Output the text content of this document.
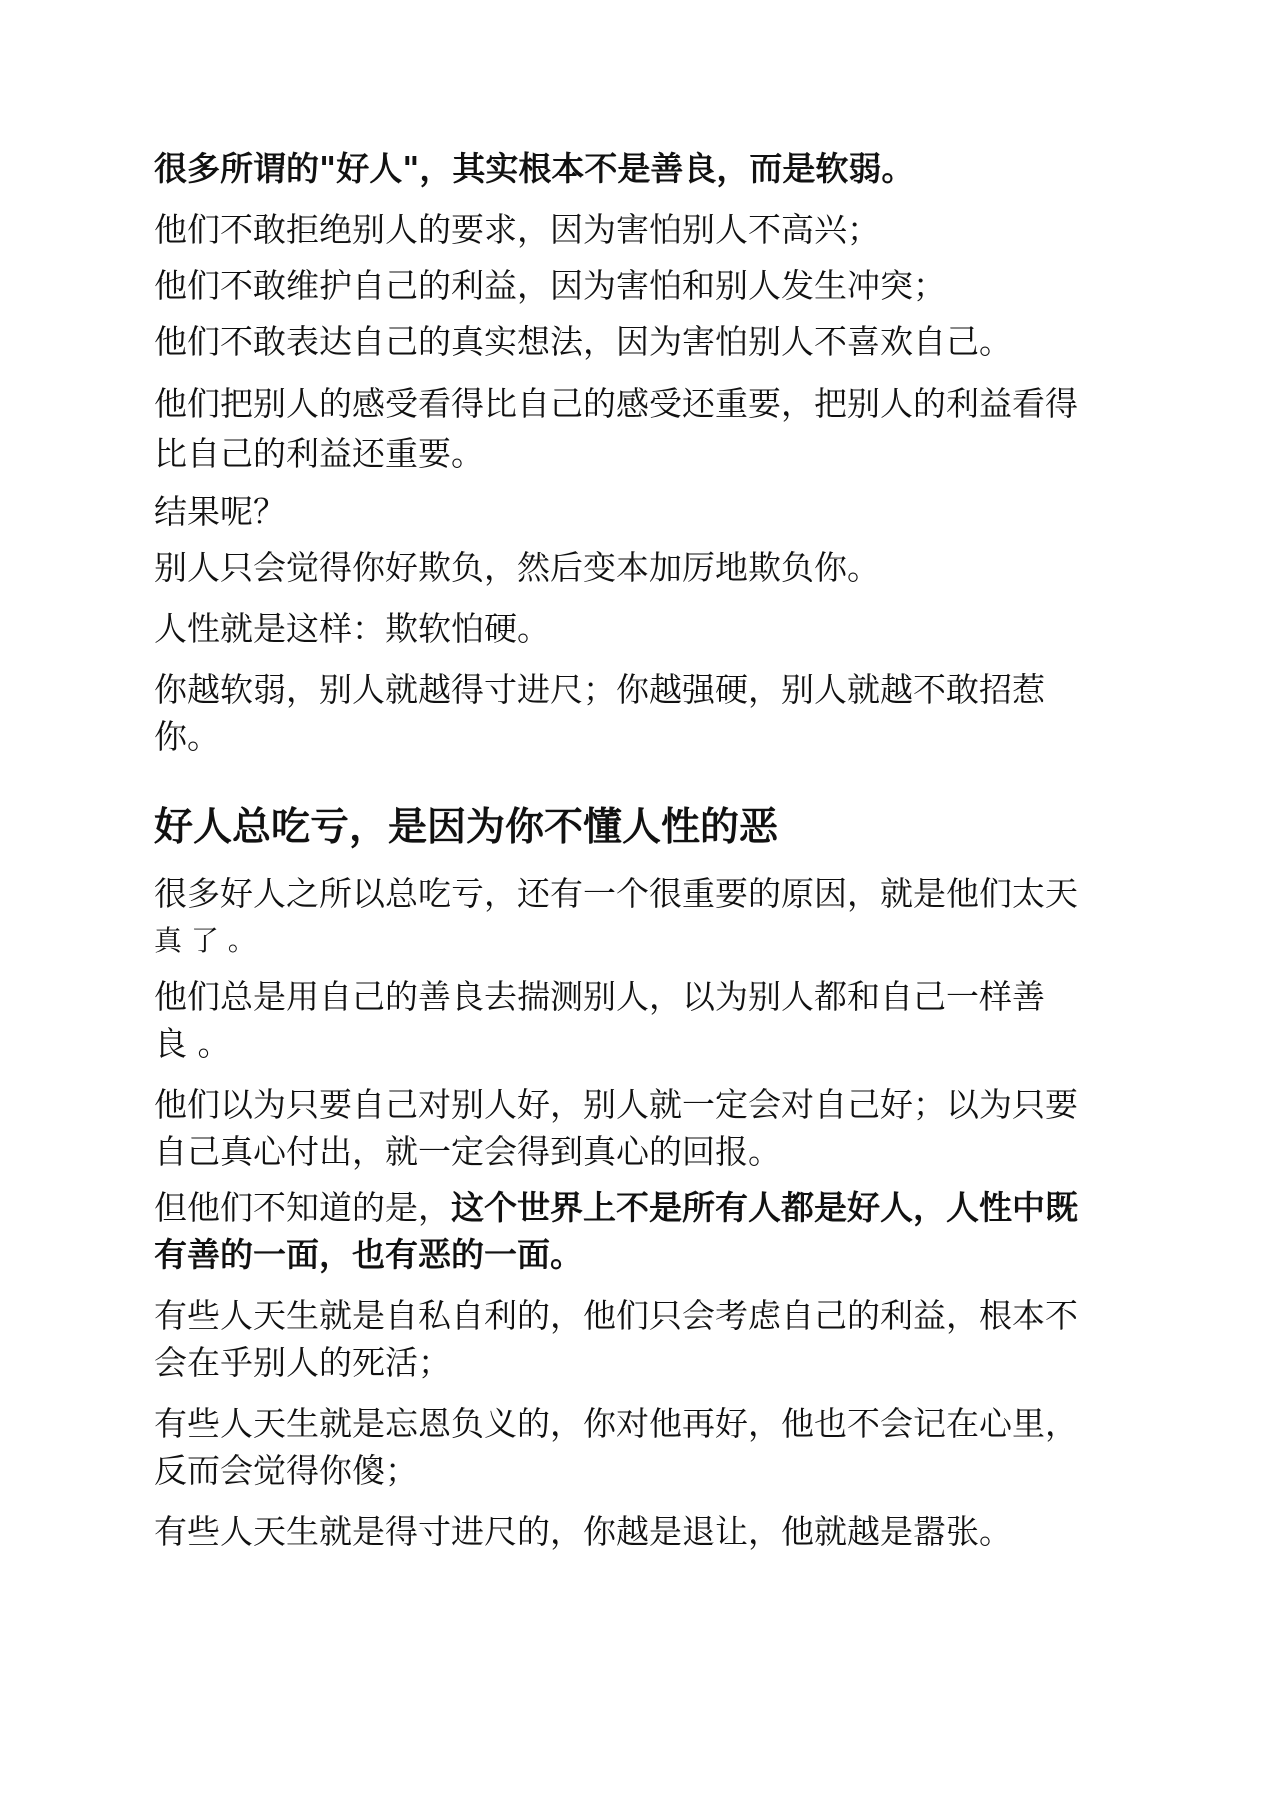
很多所谓的"好人"，其实根本不是善良，而是软弱。

他们不敢拒绝别人的要求，因为害怕别人不高兴；

他们不敢维护自己的利益，因为害怕和别人发生冲突；

他们不敢表达自己的真实想法，因为害怕别人不喜欢自己。

他们把别人的感受看得比自己的感受还重要，把别人的利益看得

比自己的利益还重要。

结果呢？

别人只会觉得你好欺负，然后变本加厉地欺负你。

人性就是这样：欺软怕硬。

你越软弱，别人就越得寸进尺；你越强硬，别人就越不敢招惹

你。

好人总吃亏，是因为你不懂人性的恶

很多好人之所以总吃亏，还有一个很重要的原因，就是他们太天

真 了 。

他们总是用自己的善良去揣测别人，以为别人都和自己一样善

良 。

他们以为只要自己对别人好，别人就一定会对自己好；以为只要

自己真心付出，就一定会得到真心的回报。

但他们不知道的是，这个世界上不是所有人都是好人，人性中既

有善的一面，也有恶的一面。

有些人天生就是自私自利的，他们只会考虑自己的利益，根本不

会在乎别人的死活；

有些人天生就是忘恩负义的，你对他再好，他也不会记在心里，

反而会觉得你傻；

有些人天生就是得寸进尺的，你越是退让，他就越是嚣张。
